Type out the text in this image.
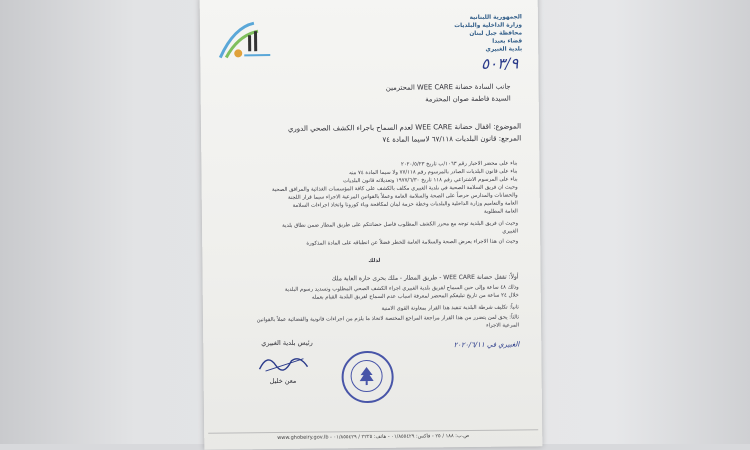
الجمهورية اللبنانية
وزارة الداخلية والبلديات
محافظة جبل لبنان
قضاء بعبدا
بلدية الغبيري
٥٠٣/٩
جانب السادة حضانة WEE CARE المحترمين
السيدة فاطمة صوان المحترمة
الموضوع: اقفال حضانة WEE CARE لعدم السماح باجراء الكشف الصحي الدوري
المرجع: قانون البلديات ٦٧/١١٨ لاسيما المادة ٧٤
بناء على محضر الاخبار رقم ١٠٦٣/ب تاريخ ٢٠٢٠/٥/٢٣
بناء على قانون البلديات الصادر بالمرسوم رقم ٧٧/١١٨ ولا سيما المادة ٧٤ منه
بناء على المرسوم الاشتراعي رقم ١١٨ تاريخ ١٩٧٧/٦/٣٠ وتعديلاته قانون البلديات
وحيث ان فريق السلامة الصحية في بلدية الغبيري مكلف بالكشف على كافة المؤسسات الغذائية والمرافق الصحية
والحضانات والمدارس حرصاً على الصحة والسلامة العامة وعملاً بالقوانين المرعية الاجراء سيما قرار اللجنة
العامة والتعاميم وزارة الداخلية والبلديات وخطة حزمة لبنان لمكافحة وباء كورونا واتخاذ اجراءات السلامة
العامة المطلوبة
وحيث ان فريق البلدية توجه مع محرر الكشف المطلوب فاصل حضانتكم على طريق المطار ضمن نطاق بلدية
الغبيري
وحيث ان هذا الاجراء يعرض الصحة والسلامة العامة للخطر فضلاً عن انطباقه على المادة المذكورة
لذلك
أولاً: تقفل حضانة WEE CARE - طريق المطار - ملك بحرى حارة الغابة ملك
وذلك ٤٨ ساعة وإلى حين السماح لفريق بلدية الغبيري اجراء الكشف الصحي المطلوب وتسديد رسوم البلدية
خلال ٢٤ ساعة من تاريخ تبليغكم المحضر لمعرفة اسباب عدم السماح لفريق البلدية القيام بعمله
ثانياً: تكليف شرطة البلدية تنفيذ هذا القرار بمعاونة القوى الامنية
ثالثاً: يحق لمن يتضرر من هذا القرار مراجعة المراجع المختصة لاتخاذ ما يلزم من اجراءات قانونية والقضائية عملاً بالقوانين
المرعية الاجراء
الغبيري في ٢٠٢٠/٦/١١
رئيس بلدية الغبيري
معن خليل
www.ghobeiry.gov.lb - ص.ب: ١٨٨ / ٢٥ - فاكس: ٠١/٨٥٥٤٢٩ - هاتف: ٢٢٢٥ / ٠١/٨٥٥٤٢٩
